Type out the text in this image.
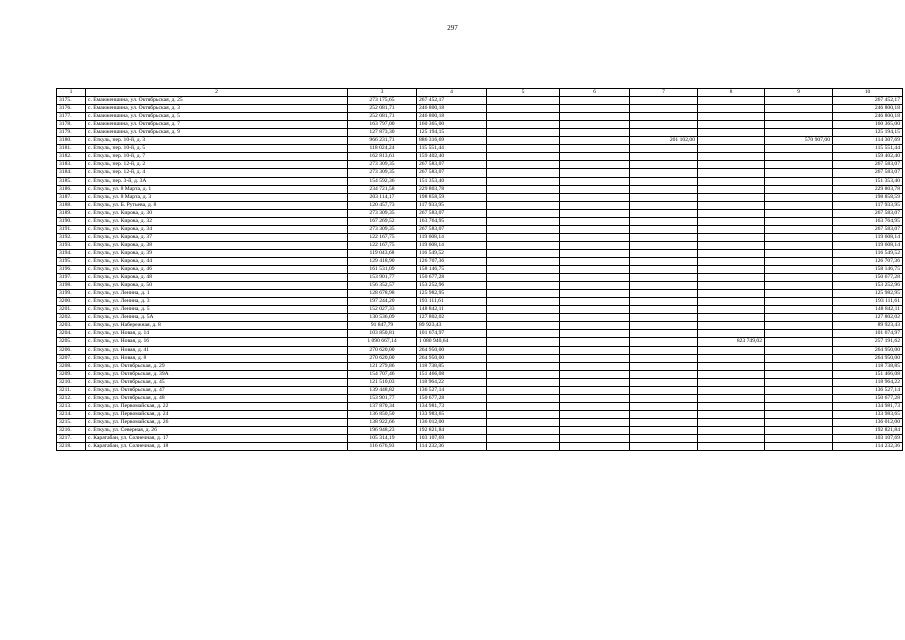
297
1	2	3	4	5	6	7	8	9	10
3175.	с. Емаиженшина, ул. Октябрьская, д. 25	273 175,65	267 452,17						267 452,17
3176.	с. Емаиженшина, ул. Октябрьская, д. 3	252 081,71	246 800,18						246 800,18
3177.	с. Емаиженшина, ул. Октябрьская, д. 5	252 081,71	246 800,18						246 800,18
3178.	с. Емаиженшина, ул. Октябрьская, д. 7	163 797,00	160 365,00						160 365,00
3179.	с. Емаиженшина, ул. Октябрьская, д. 9	127 873,30	125 194,15						125 194,15
3180.	с. Еткуль, пер. 10-й, д. 3	966 231,71	886 316,69			201 102,00		570 907,00	114 307,69
3181.	с. Еткуль, пер. 10-й, д. 5	118 024,24	115 551,44						115 551,44
3182.	с. Еткуль, пер. 10-й, д. 7	162 813,61	159 402,40						159 402,40
3183.	с. Еткуль, пер. 12-й, д. 2	273 309,35	267 583,07						267 583,07
3184.	с. Еткуль, пер. 12-й, д. 4	273 309,35	267 583,07						267 583,07
3185.	с. Еткуль, пер. 3-й, д. 3А	154 592,36	151 353,40						151 353,40
3186.	с. Еткуль, ул. 8 Марта, д. 1	234 721,58	229 803,78						229 803,78
3187.	с. Еткуль, ул. 8 Марта, д. 3	203 114,17	198 858,59						198 858,59
3188.	с. Еткуль, ул. Б. Рутьева, д. 8	120 457,73	117 933,95						117 933,95
3189.	с. Еткуль, ул. Кирова, д. 30	273 309,35	267 583,07						267 583,07
3190.	с. Еткуль, ул. Кирова, д. 32	167 269,52	163 764,95						163 764,95
3191.	с. Еткуль, ул. Кирова, д. 34	273 309,35	267 583,07						267 583,07
3192.	с. Еткуль, ул. Кирова, д. 37	122 167,75	119 608,14						119 608,14
3193.	с. Еткуль, ул. Кирова, д. 38	122 167,75	119 608,14						119 608,14
3194.	с. Еткуль, ул. Кирова, д. 39	119 043,68	116 549,52						116 549,52
3195.	с. Еткуль, ул. Кирова, д. 44	129 418,90	126 707,36						126 707,36
3196.	с. Еткуль, ул. Кирова, д. 46	161 531,09	158 146,75						158 146,75
3197.	с. Еткуль, ул. Кирова, д. 48	153 901,77	150 677,28						150 677,28
3198.	с. Еткуль, ул. Кирова, д. 50	156 352,57	153 252,96						153 252,96
3199.	с. Еткуль, ул. Ленина, д. 1	128 678,98	125 982,95						125 982,95
3200.	с. Еткуль, ул. Ленина, д. 3	197 244,20	193 111,61						193 111,61
3201.	с. Еткуль, ул. Ленина, д. 5	152 027,33	148 842,11						148 842,11
3202.	с. Еткуль, ул. Ленина, д. 5А	130 536,09	127 802,02						127 802,02
3203.	с. Еткуль, ул. Набережная, д. 8	91 847,79	89 923,43						89 923,43
3204.	с. Еткуль, ул. Новая, д. 14	103 850,81	101 674,97						101 674,97
3205.	с. Еткуль, ул. Новая, д. 16	1 090 667,14	1 080 940,64				823 749,02		257 191,62
3206.	с. Еткуль, ул. Новая, д. 41	270 620,00	264 950,00						264 950,00
3207.	с. Еткуль, ул. Новая, д. 8	270 620,00	264 950,00						264 950,00
3208.	с. Еткуль, ул. Октябрьская, д. 29	121 279,86	118 738,85						118 738,85
3209.	с. Еткуль, ул. Октябрьская, д. 39А	154 707,46	151 466,08						151 466,08
3210.	с. Еткуль, ул. Октябрьская, д. 45	121 510,03	118 964,22						118 964,22
3211.	с. Еткуль, ул. Октябрьская, д. 47	139 448,82	136 527,14						136 527,14
3212.	с. Еткуль, ул. Октябрьская, д. 48	153 901,77	150 677,28						150 677,28
3213.	с. Еткуль, ул. Первомайская, д. 22	137 870,34	134 981,73						134 981,73
3214.	с. Еткуль, ул. Первомайская, д. 24	136 850,50	133 983,65						133 983,65
3215.	с. Еткуль, ул. Первомайская, д. 26	138 922,66	136 012,00						136 012,00
3216.	с. Еткуль, ул. Северная, д. 26	196 948,23	192 821,84						192 821,84
3217.	с. Каратабан, ул. Солнечная, д. 17	105 314,19	103 107,69						103 107,69
3218.	с. Каратабан, ул. Солнечная, д. 18	116 676,93	114 232,36						114 232,36
